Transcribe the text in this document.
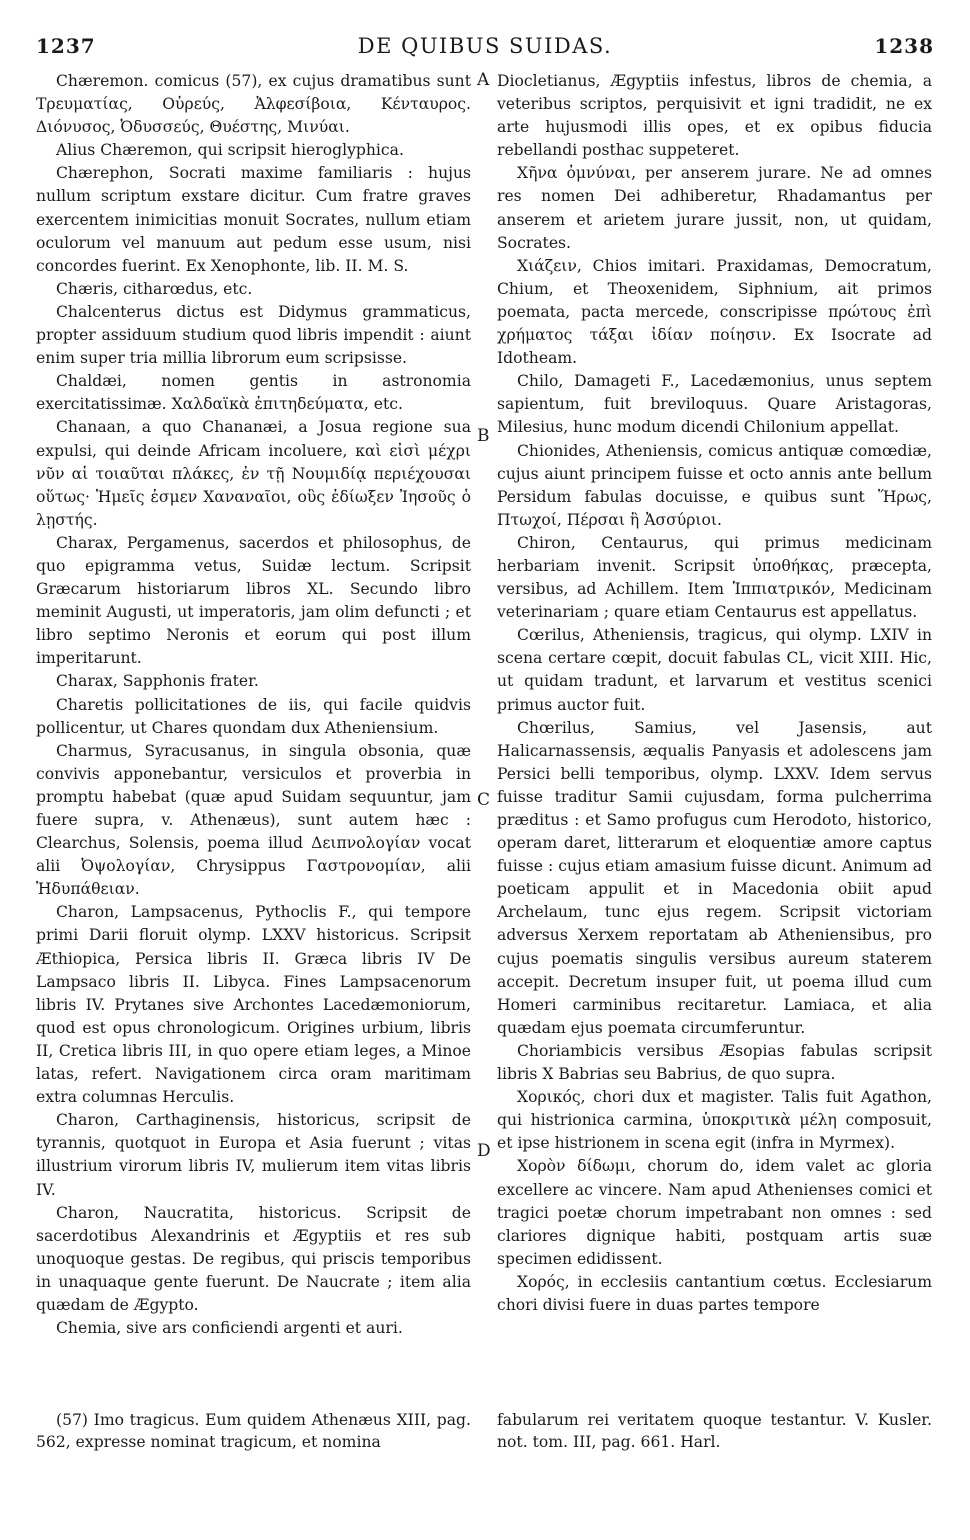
1237	DE QUIBUS SUIDAS.	1238

Chæremon. comicus (57), ex cujus dramatibus sunt Τρευματίας, Οὐρεύς, Ἀλφεσίβοια, Κένταυρος. Διόνυσος, Ὀδυσσεύς, Θυέστης, Μινύαι.

Alius Chæremon, qui scripsit hieroglyphica.

Chærephon, Socrati maxime familiaris : hujus nullum scriptum exstare dicitur. Cum fratre graves exercentem inimicitias monuit Socrates, nullum etiam oculorum vel manuum aut pedum esse usum, nisi concordes fuerint. Ex Xenophonte, lib. II. M. S.

Chæris, citharœdus, etc.

Chalcenterus dictus est Didymus grammaticus, propter assiduum studium quod libris impendit : aiunt enim super tria millia librorum eum scripsisse.

Chaldæi, nomen gentis in astronomia exercitatissimæ. Χαλδαϊκὰ ἐπιτηδεύματα, etc.

Chanaan, a quo Chananæi, a Josua regione sua expulsi, qui deinde Africam incoluere, καὶ εἰσὶ μέχρι νῦν αἱ τοιαῦται πλάκες, ἐν τῇ Νουμιδίᾳ περιέχουσαι οὕτως· Ἡμεῖς ἐσμεν Χαναναῖοι, οὓς ἐδίωξεν Ἰησοῦς ὁ λῃστής.

Charax, Pergamenus, sacerdos et philosophus, de quo epigramma vetus, Suidæ lectum. Scripsit Græcarum historiarum libros XL. Secundo libro meminit Augusti, ut imperatoris, jam olim defuncti ; et libro septimo Neronis et eorum qui post illum imperitarunt.

Charax, Sapphonis frater.

Charetis pollicitationes de iis, qui facile quidvis pollicentur, ut Chares quondam dux Atheniensium.

Charmus, Syracusanus, in singula obsonia, quæ convivis apponebantur, versiculos et proverbia in promptu habebat (quæ apud Suidam sequuntur, jam fuere supra, v. Athenæus), sunt autem hæc : Clearchus, Solensis, poema illud Δειπνολογίαν vocat alii Ὀψολογίαν, Chrysippus Γαστρονομίαν, alii Ἡδυπάθειαν.

Charon, Lampsacenus, Pythoclis F., qui tempore primi Darii floruit olymp. LXXV historicus. Scripsit Æthiopica, Persica libris II. Græca libris IV De Lampsaco libris II. Libyca. Fines Lampsacenorum libris IV. Prytanes sive Archontes Lacedæmoniorum, quod est opus chronologicum. Origines urbium, libris II, Cretica libris III, in quo opere etiam leges, a Minoe latas, refert. Navigationem circa oram maritimam extra columnas Herculis.

Charon, Carthaginensis, historicus, scripsit de tyrannis, quotquot in Europa et Asia fuerunt ; vitas illustrium virorum libris IV, mulierum item vitas libris IV.

Charon, Naucratita, historicus. Scripsit de sacerdotibus Alexandrinis et Ægyptiis et res sub unoquoque gestas. De regibus, qui priscis temporibus in unaquaque gente fuerunt. De Naucrate ; item alia quædam de Ægypto.

Chemia, sive ars conficiendi argenti et auri.

A
B
C
D

Diocletianus, Ægyptiis infestus, libros de chemia, a veteribus scriptos, perquisivit et igni tradidit, ne ex arte hujusmodi illis opes, et ex opibus fiducia rebellandi posthac suppeteret.

Χῆνα ὀμνύναι, per anserem jurare. Ne ad omnes res nomen Dei adhiberetur, Rhadamantus per anserem et arietem jurare jussit, non, ut quidam, Socrates.

Χιάζειν, Chios imitari. Praxidamas, Democratum, Chium, et Theoxenidem, Siphnium, ait primos poemata, pacta mercede, conscripisse πρώτους ἐπὶ χρήματος τάξαι ἰδίαν ποίησιν. Ex Isocrate ad Idotheam.

Chilo, Damageti F., Lacedæmonius, unus septem sapientum, fuit breviloquus. Quare Aristagoras, Milesius, hunc modum dicendi Chilonium appellat.

Chionides, Atheniensis, comicus antiquæ comœdiæ, cujus aiunt principem fuisse et octo annis ante bellum Persidum fabulas docuisse, e quibus sunt Ἥρως, Πτωχοί, Πέρσαι ἢ Ἀσσύριοι.

Chiron, Centaurus, qui primus medicinam herbariam invenit. Scripsit ὑποθήκας, præcepta, versibus, ad Achillem. Item Ἱππιατρικόν, Medicinam veterinariam ; quare etiam Centaurus est appellatus.

Cœrilus, Atheniensis, tragicus, qui olymp. LXIV in scena certare cœpit, docuit fabulas CL, vicit XIII. Hic, ut quidam tradunt, et larvarum et vestitus scenici primus auctor fuit.

Chœrilus, Samius, vel Jasensis, aut Halicarnassensis, æqualis Panyasis et adolescens jam Persici belli temporibus, olymp. LXXV. Idem servus fuisse traditur Samii cujusdam, forma pulcherrima præditus : et Samo profugus cum Herodoto, historico, operam daret, litterarum et eloquentiæ amore captus fuisse : cujus etiam amasium fuisse dicunt. Animum ad poeticam appulit et in Macedonia obiit apud Archelaum, tunc ejus regem. Scripsit victoriam adversus Xerxem reportatam ab Atheniensibus, pro cujus poematis singulis versibus aureum staterem accepit. Decretum insuper fuit, ut poema illud cum Homeri carminibus recitaretur. Lamiaca, et alia quædam ejus poemata circumferuntur.

Choriambicis versibus Æsopias fabulas scripsit libris X Babrias seu Babrius, de quo supra.

Χορικός, chori dux et magister. Talis fuit Agathon, qui histrionica carmina, ὑποκριτικὰ μέλη composuit, et ipse histrionem in scena egit (infra in Myrmex).

Χορὸν δίδωμι, chorum do, idem valet ac gloria excellere ac vincere. Nam apud Athenienses comici et tragici poetæ chorum impetrabant non omnes : sed clariores dignique habiti, postquam artis suæ specimen edidissent.

Χορός, in ecclesiis cantantium cœtus. Ecclesiarum chori divisi fuere in duas partes tempore

(57) Imo tragicus. Eum quidem Athenæus XIII, pag. 562, expresse nominat tragicum, et nomina

fabularum rei veritatem quoque testantur. V. Kusler. not. tom. III, pag. 661. Harl.
